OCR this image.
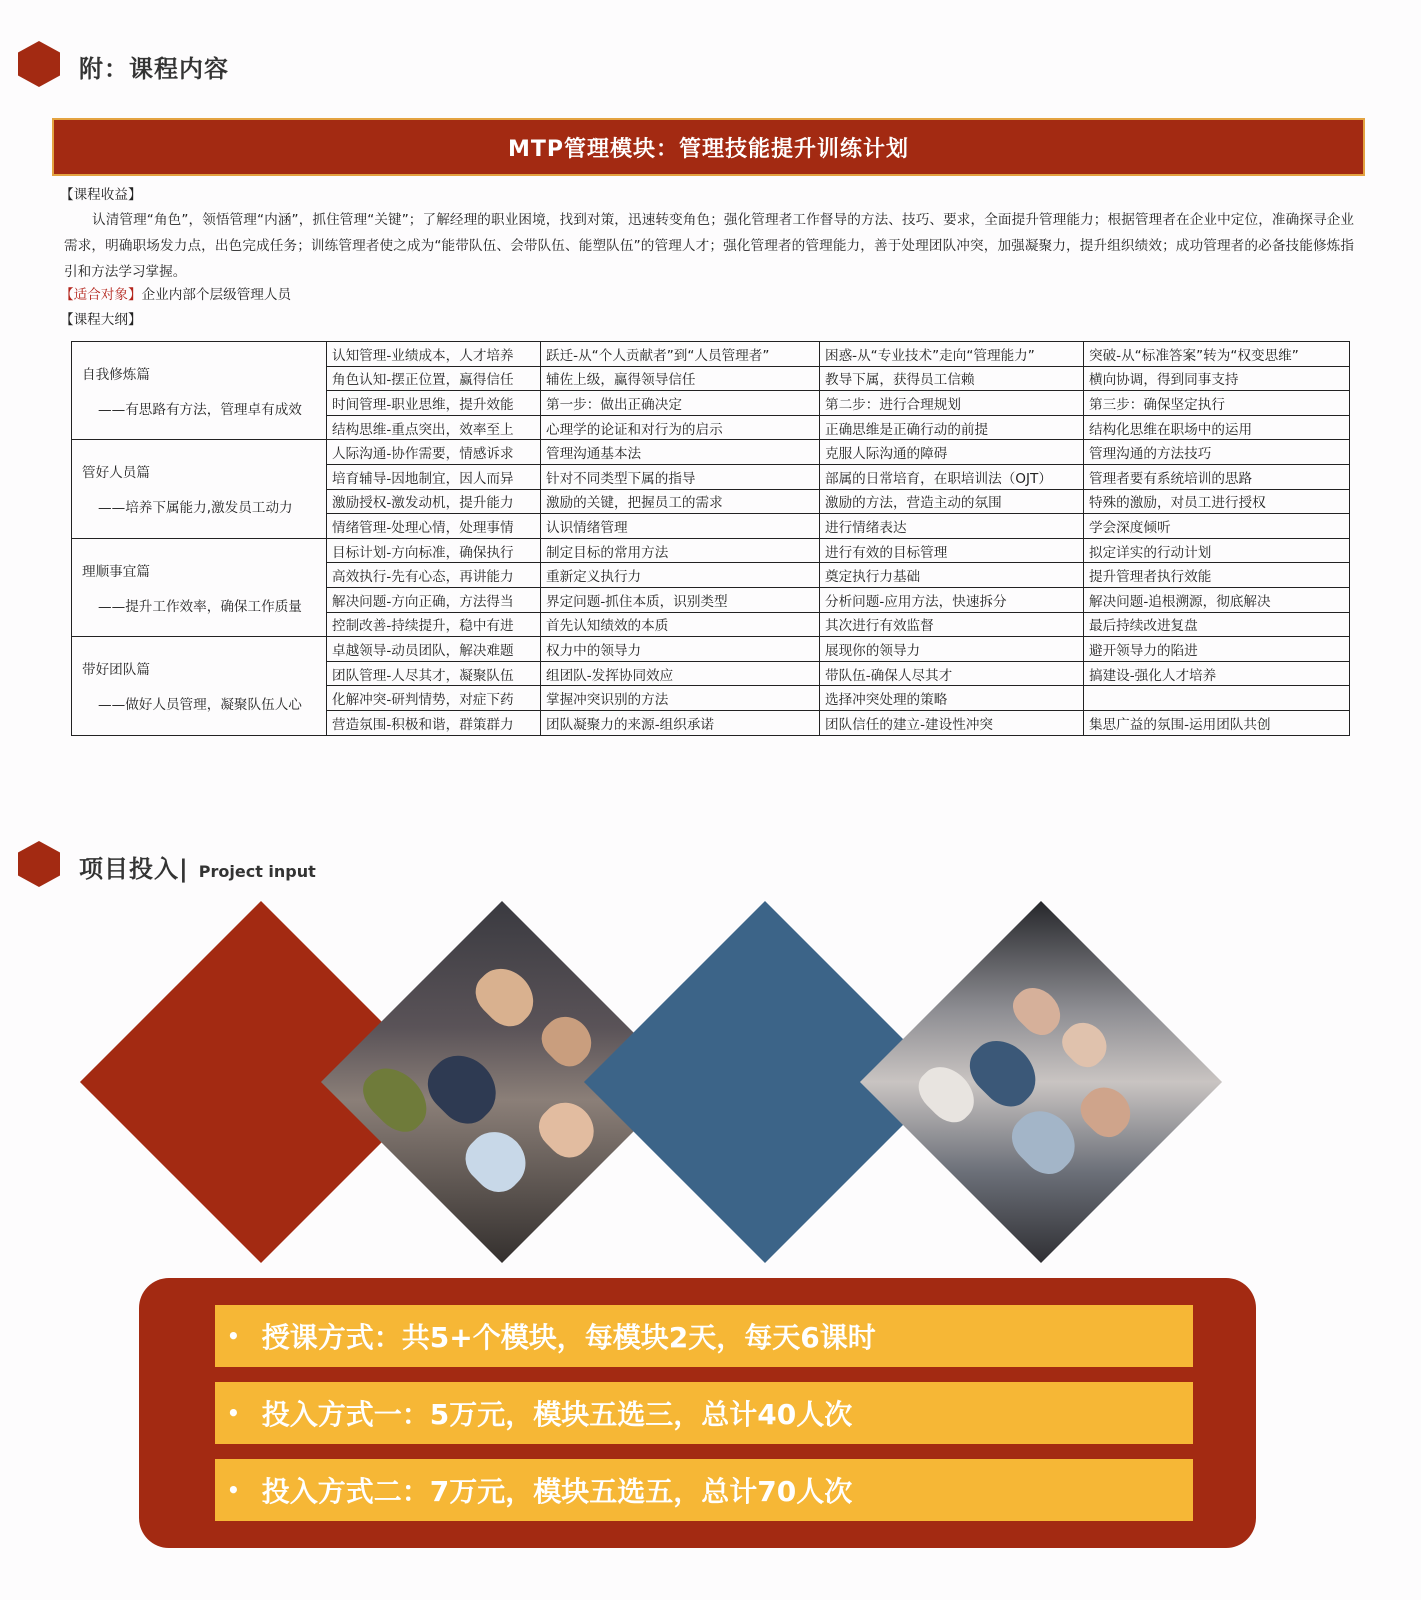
附：课程内容
MTP管理模块：管理技能提升训练计划
【课程收益】
认清管理“角色”，领悟管理“内涵”，抓住管理“关键”；了解经理的职业困境，找到对策，迅速转变角色；强化管理者工作督导的方法、技巧、要求，全面提升管理能力；根据管理者在企业中定位，准确探寻企业需求，明确职场发力点，出色完成任务；训练管理者使之成为“能带队伍、会带队伍、能塑队伍”的管理人才；强化管理者的管理能力，善于处理团队冲突，加强凝聚力，提升组织绩效；成功管理者的必备技能修炼指引和方法学习掌握。
【适合对象】企业内部个层级管理人员
【课程大纲】
自我修炼篇

——有思路有方法，管理卓有成效	认知管理-业绩成本，人才培养	跃迁-从“个人贡献者”到“人员管理者”	困惑-从“专业技术”走向“管理能力”	突破-从“标准答案”转为“权变思维”
	角色认知-摆正位置，赢得信任	辅佐上级，赢得领导信任	教导下属，获得员工信赖	横向协调，得到同事支持
	时间管理-职业思维，提升效能	第一步：做出正确决定	第二步：进行合理规划	第三步：确保坚定执行
	结构思维-重点突出，效率至上	心理学的论证和对行为的启示	正确思维是正确行动的前提	结构化思维在职场中的运用
管好人员篇

——培养下属能力,激发员工动力	人际沟通-协作需要，情感诉求	管理沟通基本法	克服人际沟通的障碍	管理沟通的方法技巧
	培育辅导-因地制宜，因人而异	针对不同类型下属的指导	部属的日常培育，在职培训法（OJT）	管理者要有系统培训的思路
	激励授权-激发动机，提升能力	激励的关键，把握员工的需求	激励的方法，营造主动的氛围	特殊的激励，对员工进行授权
	情绪管理-处理心情，处理事情	认识情绪管理	进行情绪表达	学会深度倾听
理顺事宜篇

——提升工作效率，确保工作质量	目标计划-方向标准，确保执行	制定目标的常用方法	进行有效的目标管理	拟定详实的行动计划
	高效执行-先有心态，再讲能力	重新定义执行力	奠定执行力基础	提升管理者执行效能
	解决问题-方向正确，方法得当	界定问题-抓住本质，识别类型	分析问题-应用方法，快速拆分	解决问题-追根溯源，彻底解决
	控制改善-持续提升，稳中有进	首先认知绩效的本质	其次进行有效监督	最后持续改进复盘
带好团队篇

——做好人员管理，凝聚队伍人心	卓越领导-动员团队，解决难题	权力中的领导力	展现你的领导力	避开领导力的陷进
	团队管理-人尽其才，凝聚队伍	组团队-发挥协同效应	带队伍-确保人尽其才	搞建设-强化人才培养
	化解冲突-研判情势，对症下药	掌握冲突识别的方法	选择冲突处理的策略	
	营造氛围-积极和谐，群策群力	团队凝聚力的来源-组织承诺	团队信任的建立-建设性冲突	集思广益的氛围-运用团队共创
项目投入| Project input
• 授课方式：共5+个模块，每模块2天，每天6课时
• 投入方式一：5万元，模块五选三，总计40人次
• 投入方式二：7万元，模块五选五，总计70人次
